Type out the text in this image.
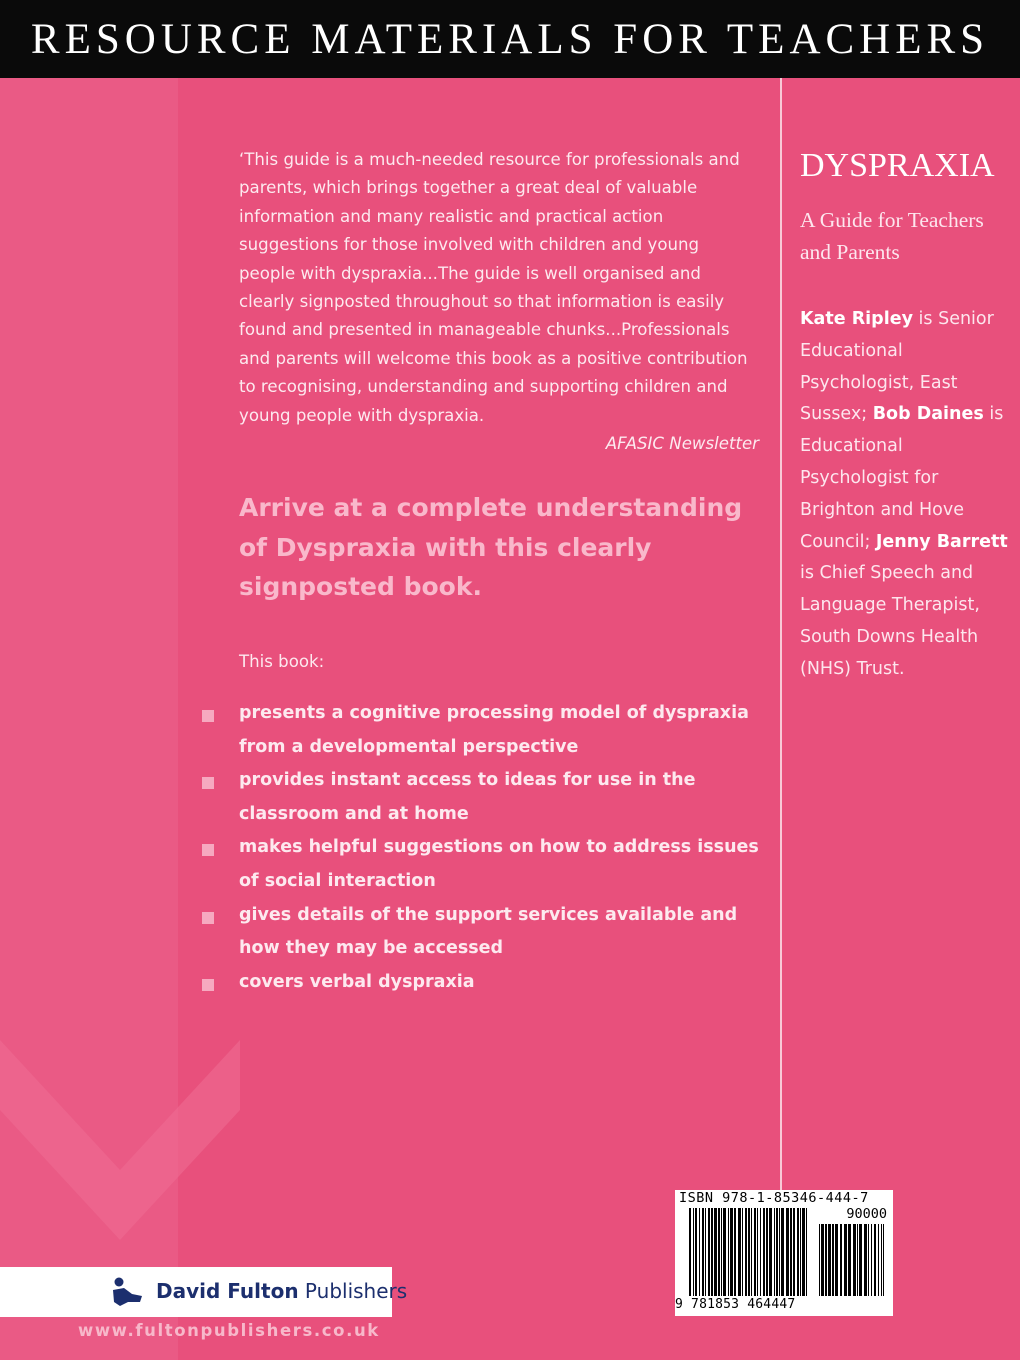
RESOURCE MATERIALS FOR TEACHERS

‘This guide is a much-needed resource for professionals and parents, which brings together a great deal of valuable information and many realistic and practical action suggestions for those involved with children and young people with dyspraxia...The guide is well organised and clearly signposted throughout so that information is easily found and presented in manageable chunks...Professionals and parents will welcome this book as a positive contribution to recognising, understanding and supporting children and young people with dyspraxia.

AFASIC Newsletter

Arrive at a complete understanding of Dyspraxia with this clearly signposted book.
This book:
presents a cognitive processing model of dyspraxia from a developmental perspective
provides instant access to ideas for use in the classroom and at home
makes helpful suggestions on how to address issues of social interaction
gives details of the support services available and how they may be accessed
covers verbal dyspraxia
DYSPRAXIA
A Guide for Teachers and Parents
Kate Ripley is Senior Educational Psychologist, East Sussex; Bob Daines is Educational Psychologist for Brighton and Hove Council; Jenny Barrett is Chief Speech and Language Therapist, South Downs Health (NHS) Trust.
ISBN 978-1-85346-444-7
90000
9 781853 464447
David Fulton Publishers
www.fultonpublishers.co.uk
